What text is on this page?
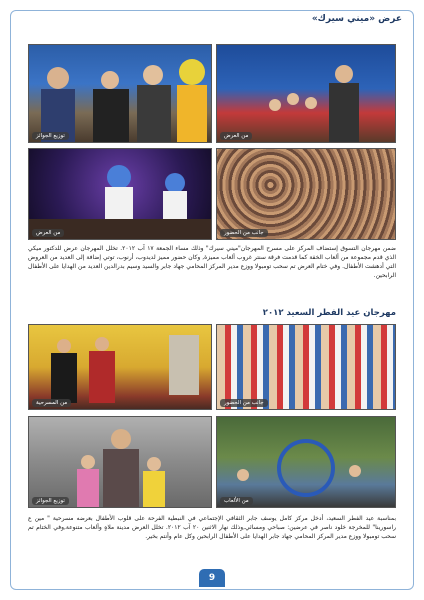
عرض «ميني سيرك»
توزيع الجوائز	من العرض
من العرض	جانب من الحضور
ضمن مهرجان التسوق إستضاف المركز على مسرح المهرجان"ميني سيرك" وذلك مساء الجمعة ١٧ آب ٢٠١٢. تخلل المهرجان عرض للدكتور ميكي الذي قدم مجموعة من ألعاب الخفة كما قدمت فرقة سنتر غروب ألعاب مميزة, وكان حضور مميز لديدوب، أرنوب، توتي إضافة إلى العديد من العروض التي أدهشت الأطفال. وفي ختام العرض تم سحب تومبولا ووزع مدير المركز المحامي جهاد جابر والسيد وسيم بدرالدين العديد من الهدايا على الأطفال الرابحين.
مهرجان عيد الفطر السعيد ٢٠١٢
من المسرحية	جانب من الحضور
توزيع الجوائز	من الألعاب
بمناسبة عيد الفطر السعيد، أدخل مركز كامل يوسف جابر الثقافي الإجتماعي في النبطية الفرحة على قلوب الأطفال بعرضه مسرحية " مين ع راسورينا" للمخرجة خلود ناصر في عرضين: صباحي ومسائي,وذلك نهار الاثنين ٢٠ آب ٢٠١٢. تخلل العرض مدينة ملاهٍ وألعاب متنوعة,وفي الختام تم سحب تومبولا ووزع مدير المركز المحامي جهاد جابر الهدايا على الأطفال الرابحين وكل عام وأنتم بخير.
9
